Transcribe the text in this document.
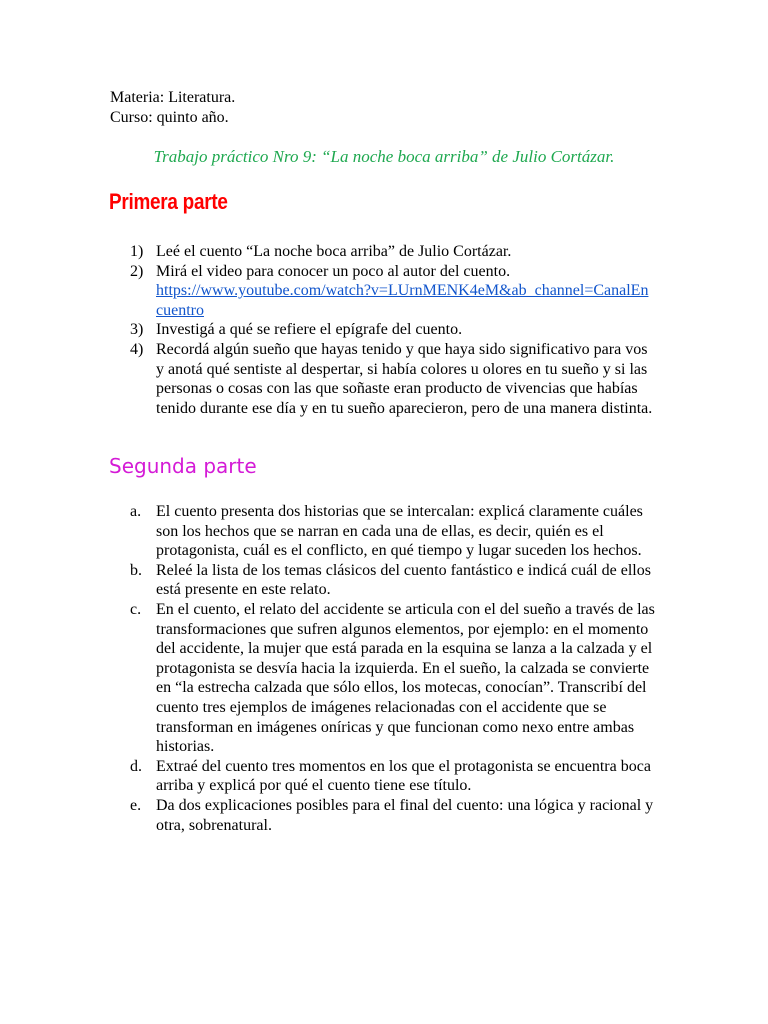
Materia: Literatura.
Curso: quinto año.
Trabajo práctico Nro 9: “La noche boca arriba” de Julio Cortázar.
Primera parte
1) Leé el cuento “La noche boca arriba” de Julio Cortázar.
2) Mirá el video para conocer un poco al autor del cuento.
https://www.youtube.com/watch?v=LUrnMENK4eM&ab_channel=CanalEncuentro
3) Investigá a qué se refiere el epígrafe del cuento.
4) Recordá algún sueño que hayas tenido y que haya sido significativo para vos y anotá qué sentiste al despertar, si había colores u olores en tu sueño y si las personas o cosas con las que soñaste eran producto de vivencias que habías tenido durante ese día y en tu sueño aparecieron, pero de una manera distinta.
Segunda parte
a. El cuento presenta dos historias que se intercalan: explicá claramente cuáles son los hechos que se narran en cada una de ellas, es decir, quién es el protagonista, cuál es el conflicto, en qué tiempo y lugar suceden los hechos.
b. Releé la lista de los temas clásicos del cuento fantástico e indicá cuál de ellos está presente en este relato.
c. En el cuento, el relato del accidente se articula con el del sueño a través de las transformaciones que sufren algunos elementos, por ejemplo: en el momento del accidente, la mujer que está parada en la esquina se lanza a la calzada y el protagonista se desvía hacia la izquierda. En el sueño, la calzada se convierte en “la estrecha calzada que sólo ellos, los motecas, conocían”. Transcribí del cuento tres ejemplos de imágenes relacionadas con el accidente que se transforman en imágenes oníricas y que funcionan como nexo entre ambas historias.
d. Extraé del cuento tres momentos en los que el protagonista se encuentra boca arriba y explicá por qué el cuento tiene ese título.
e. Da dos explicaciones posibles para el final del cuento: una lógica y racional y otra, sobrenatural.
